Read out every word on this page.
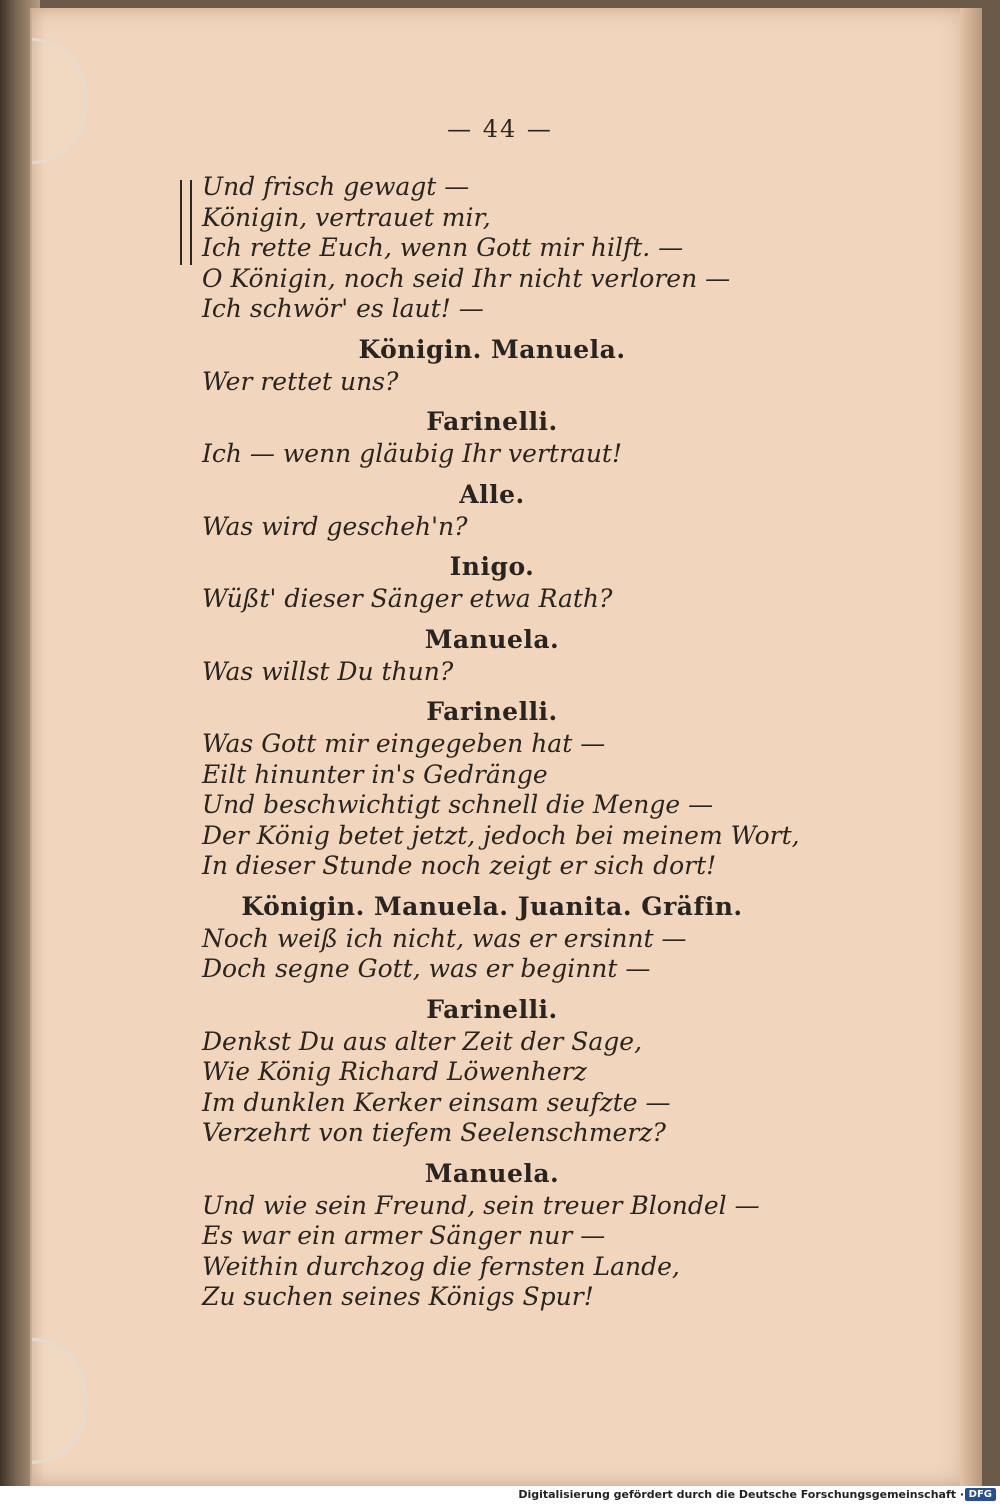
— 44 —
Und frisch gewagt —
Königin, vertrauet mir,
Ich rette Euch, wenn Gott mir hilft. —
O Königin, noch seid Ihr nicht verloren —
Ich schwör' es laut! —
Königin. Manuela.
Wer rettet uns?
Farinelli.
Ich — wenn gläubig Ihr vertraut!
Alle.
Was wird gescheh'n?
Inigo.
Wüßt' dieser Sänger etwa Rath?
Manuela.
Was willst Du thun?
Farinelli.
Was Gott mir eingegeben hat —
Eilt hinunter in's Gedränge
Und beschwichtigt schnell die Menge —
Der König betet jetzt, jedoch bei meinem Wort,
In dieser Stunde noch zeigt er sich dort!
Königin. Manuela. Juanita. Gräfin.
Noch weiß ich nicht, was er ersinnt —
Doch segne Gott, was er beginnt —
Farinelli.
Denkst Du aus alter Zeit der Sage,
Wie König Richard Löwenherz
Im dunklen Kerker einsam seufzte —
Verzehrt von tiefem Seelenschmerz?
Manuela.
Und wie sein Freund, sein treuer Blondel —
Es war ein armer Sänger nur —
Weithin durchzog die fernsten Lande,
Zu suchen seines Königs Spur!
Digitalisierung gefördert durch die Deutsche Forschungsgemeinschaft · DFG
